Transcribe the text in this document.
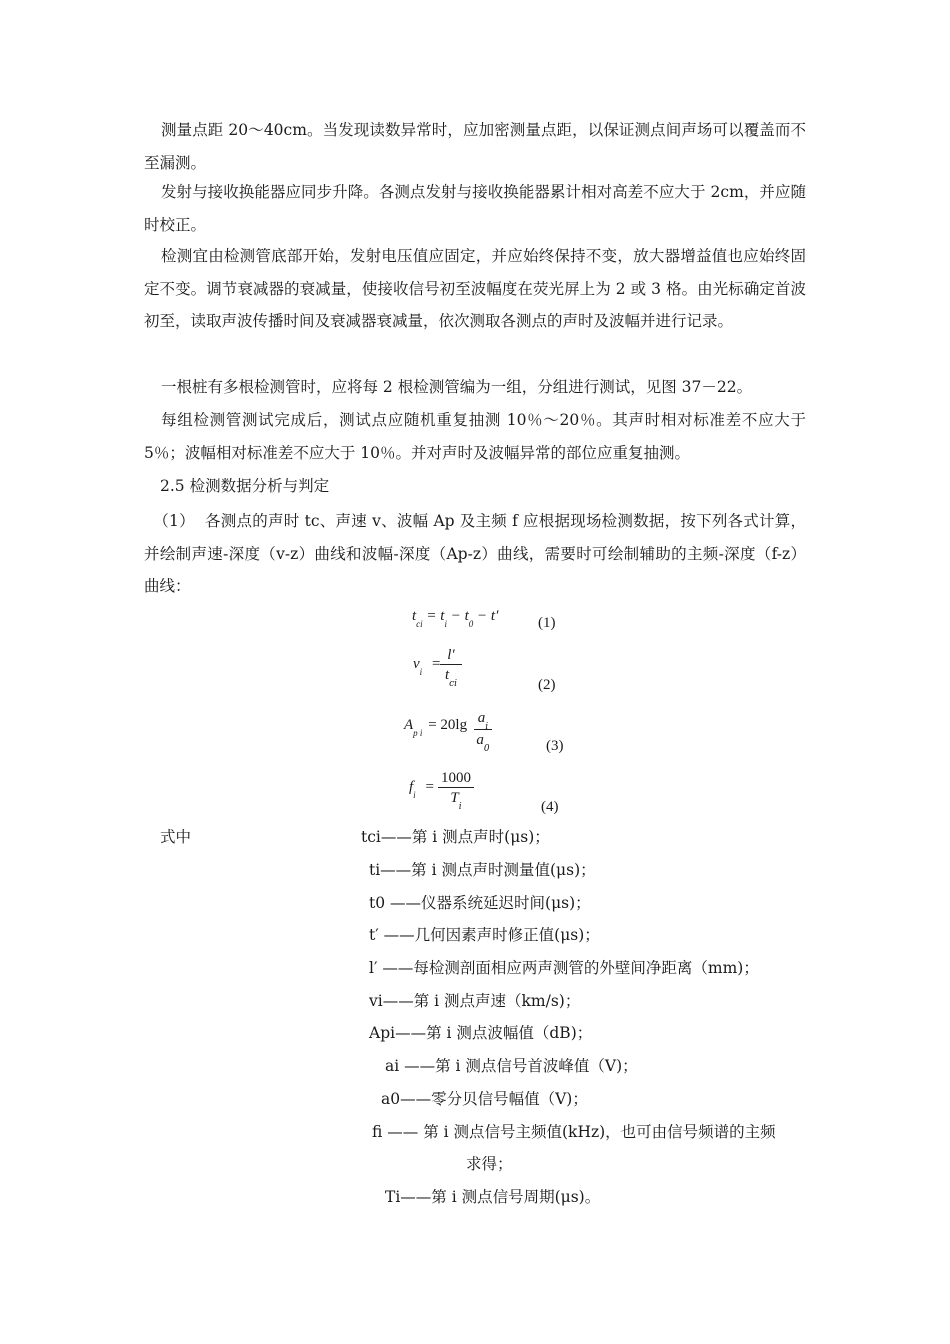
测量点距 20～40cm。当发现读数异常时，应加密测量点距，以保证测点间声场可以覆盖而不至漏测。

发射与接收换能器应同步升降。各测点发射与接收换能器累计相对高差不应大于 2cm，并应随时校正。

检测宜由检测管底部开始，发射电压值应固定，并应始终保持不变，放大器增益值也应始终固定不变。调节衰减器的衰减量，使接收信号初至波幅度在荧光屏上为 2 或 3 格。由光标确定首波初至，读取声波传播时间及衰减器衰减量，依次测取各测点的声时及波幅并进行记录。

一根桩有多根检测管时，应将每 2 根检测管编为一组，分组进行测试，见图 37－22。

每组检测管测试完成后，测试点应随机重复抽测 10％～20％。其声时相对标准差不应大于 5％；波幅相对标准差不应大于 10％。并对声时及波幅异常的部位应重复抽测。

2.5 检测数据分析与判定

（1） 各测点的声时 tc、声速 v、波幅 Ap 及主频 f 应根据现场检测数据，按下列各式计算，并绘制声速-深度（v-z）曲线和波幅-深度（Ap-z）曲线，需要时可绘制辅助的主频-深度（f-z）曲线：
$t_{ci} = t_i - t_0 - t'$	(1)
$v_i$ =
l′
$t_{ci}$	(2)
$A_{p i} = 20\lg$ $a_i$
$a_0$	(3)
$f_i$ =
1000
$T_i$	(4)

式中	tci——第 i 测点声时(μs)；

ti——第 i 测点声时测量值(μs)；

t0 ——仪器系统延迟时间(μs)；

t′ ——几何因素声时修正值(μs)；

l′ ——每检测剖面相应两声测管的外壁间净距离（mm)；

vi——第 i 测点声速（km/s)；

Api——第 i 测点波幅值（dB)；

ai ——第 i 测点信号首波峰值（V)；

a0——零分贝信号幅值（V)；

fi —— 第 i 测点信号主频值(kHz)，也可由信号频谱的主频

求得；

Ti——第 i 测点信号周期(μs)。
